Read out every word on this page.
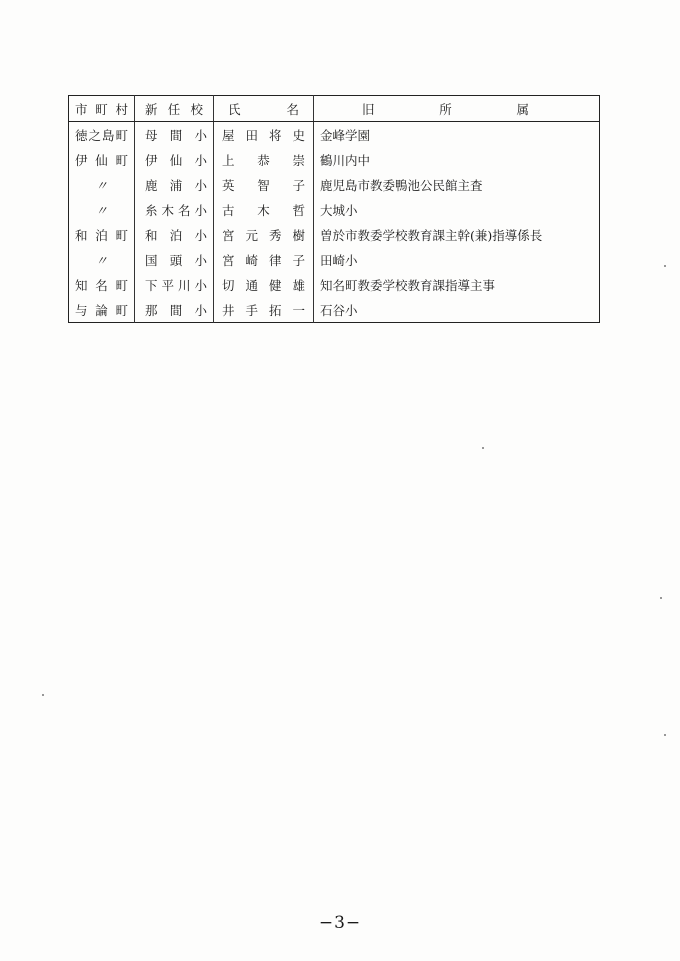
市町村	新任校	氏名	旧所属

徳之島町	母間小	屋田将史	金峰学園

伊仙町	伊仙小	上恭崇	鶴川内中

〃	鹿浦小	英智子	鹿児島市教委鴨池公民館主査

〃	糸木名小	古木哲	大城小

和泊町	和泊小	宮元秀樹	曽於市教委学校教育課主幹(兼)指導係長

〃	国頭小	宮崎律子	田崎小

知名町	下平川小	切通健雄	知名町教委学校教育課指導主事

与論町	那間小	井手拓一	石谷小
−3−
